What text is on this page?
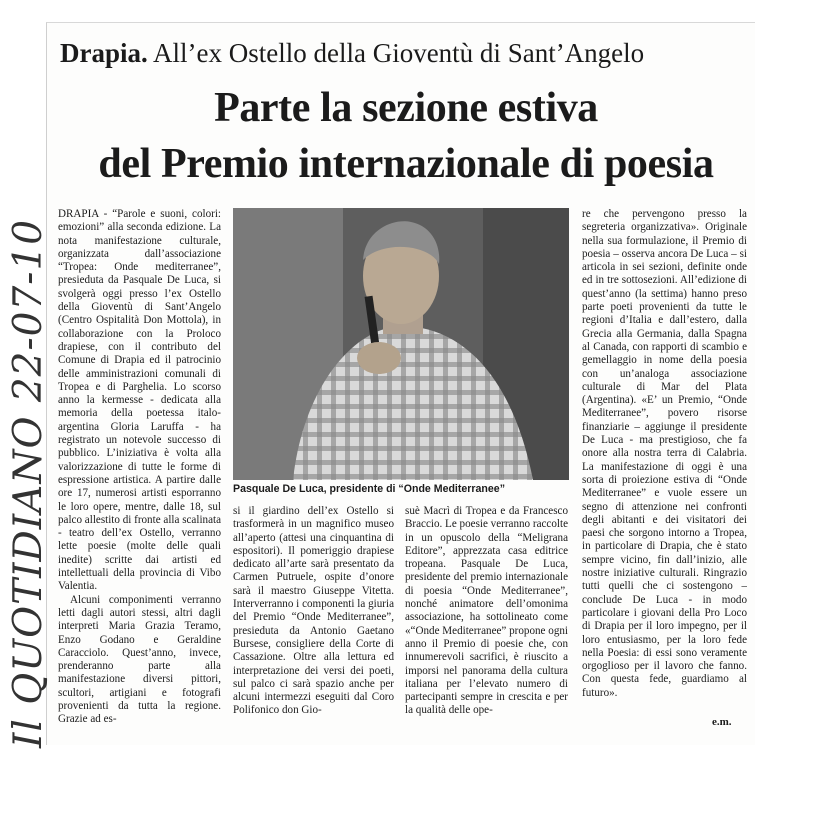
Drapia. All’ex Ostello della Gioventù di Sant’Angelo
Parte la sezione estiva
del Premio internazionale di poesia

DRAPIA - “Parole e suoni, colori: emozioni” alla seconda edizione. La nota manifestazione culturale, organizzata dall’associazione “Tropea: Onde mediterranee”, presieduta da Pasquale De Luca, si svolgerà oggi presso l’ex Ostello della Gioventù di Sant’Angelo (Centro Ospitalità Don Mottola), in collaborazione con la Proloco drapiese, con il contributo del Comune di Drapia ed il patrocinio delle amministrazioni comunali di Tropea e di Parghelia. Lo scorso anno la kermesse - dedicata alla memoria della poetessa italo-argentina Gloria Laruffa - ha registrato un notevole successo di pubblico. L’iniziativa è volta alla valorizzazione di tutte le forme di espressione artistica. A partire dalle ore 17, numerosi artisti esporranno le loro opere, mentre, dalle 18, sul palco allestito di fronte alla scalinata - teatro dell’ex Ostello, verranno lette poesie (molte delle quali inedite) scritte dai artisti ed intellettuali della provincia di Vibo Valentia.

Alcuni componimenti verranno letti dagli autori stessi, altri dagli interpreti Maria Grazia Teramo, Enzo Godano e Geraldine Caracciolo. Quest’anno, invece, prenderanno parte alla manifestazione diversi pittori, scultori, artigiani e fotografi provenienti da tutta la regione. Grazie ad es-

Pasquale De Luca, presidente di “Onde Mediterranee”

si il giardino dell’ex Ostello si trasformerà in un magnifico museo all’aperto (attesi una cinquantina di espositori). Il pomeriggio drapiese dedicato all’arte sarà presentato da Carmen Putruele, ospite d’onore sarà il maestro Giuseppe Vitetta. Interverranno i componenti la giuria del Premio “Onde Mediterranee”, presieduta da Antonio Gaetano Bursese, consigliere della Corte di Cassazione. Oltre alla lettura ed interpretazione dei versi dei poeti, sul palco ci sarà spazio anche per alcuni intermezzi eseguiti dal Coro Polifonico don Gio-

suè Macrì di Tropea e da Francesco Braccio. Le poesie verranno raccolte in un opuscolo della “Meligrana Editore”, apprezzata casa editrice tropeana. Pasquale De Luca, presidente del premio internazionale di poesia “Onde Mediterranee”, nonché animatore dell’omonima associazione, ha sottolineato come «“Onde Mediterranee” propone ogni anno il Premio di poesie che, con innumerevoli sacrifici, è riuscito a imporsi nel panorama della cultura italiana per l’elevato numero di partecipanti sempre in crescita e per la qualità delle ope-

re che pervengono presso la segreteria organizzativa». Originale nella sua formulazione, il Premio di poesia – osserva ancora De Luca – si articola in sei sezioni, definite onde ed in tre sottosezioni. All’edizione di quest’anno (la settima) hanno preso parte poeti provenienti da tutte le regioni d’Italia e dall’estero, dalla Grecia alla Germania, dalla Spagna al Canada, con rapporti di scambio e gemellaggio in nome della poesia con un’analoga associazione culturale di Mar del Plata (Argentina). «E’ un Premio, “Onde Mediterranee”, povero risorse finanziarie – aggiunge il presidente De Luca - ma prestigioso, che fa onore alla nostra terra di Calabria. La manifestazione di oggi è una sorta di proiezione estiva di “Onde Mediterranee” e vuole essere un segno di attenzione nei confronti degli abitanti e dei visitatori dei paesi che sorgono intorno a Tropea, in particolare di Drapia, che è stato sempre vicino, fin dall’inizio, alle nostre iniziative culturali. Ringrazio tutti quelli che ci sostengono – conclude De Luca - in modo particolare i giovani della Pro Loco di Drapia per il loro impegno, per il loro entusiasmo, per la loro fede nella Poesia: di essi sono veramente orgoglioso per il lavoro che fanno. Con questa fede, guardiamo al futuro».

e.m.
Il QUOTIDIANO 22-07-10
